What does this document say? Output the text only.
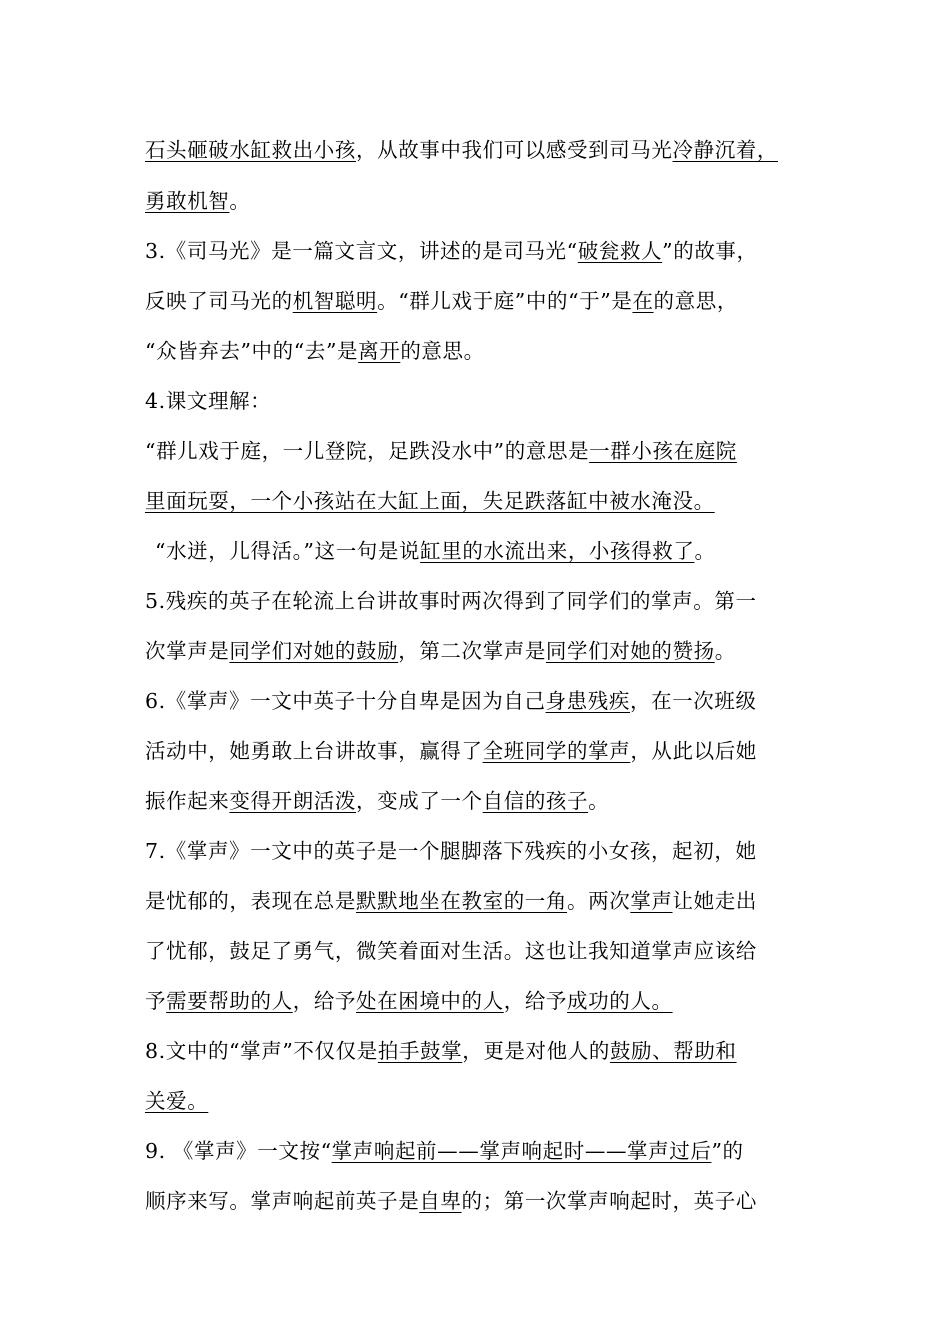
石头砸破水缸救出小孩，从故事中我们可以感受到司马光冷静沉着，
勇敢机智。
3.《司马光》是一篇文言文，讲述的是司马光“破瓮救人”的故事，
反映了司马光的机智聪明。“群儿戏于庭”中的“于”是在的意思，
“众皆弃去”中的“去”是离开的意思。
4.课文理解：
“群儿戏于庭，一儿登院，足跌没水中”的意思是一群小孩在庭院
里面玩耍，一个小孩站在大缸上面，失足跌落缸中被水淹没。
“水迸，儿得活。”这一句是说缸里的水流出来，小孩得救了。
5.残疾的英子在轮流上台讲故事时两次得到了同学们的掌声。第一
次掌声是同学们对她的鼓励，第二次掌声是同学们对她的赞扬。
6.《掌声》一文中英子十分自卑是因为自己身患残疾，在一次班级
活动中，她勇敢上台讲故事，赢得了全班同学的掌声，从此以后她
振作起来变得开朗活泼，变成了一个自信的孩子。
7.《掌声》一文中的英子是一个腿脚落下残疾的小女孩，起初，她
是忧郁的，表现在总是默默地坐在教室的一角。两次掌声让她走出
了忧郁，鼓足了勇气，微笑着面对生活。这也让我知道掌声应该给
予需要帮助的人，给予处在困境中的人，给予成功的人。
8.文中的“掌声”不仅仅是拍手鼓掌，更是对他人的鼓励、帮助和
关爱。
9. 《掌声》一文按“掌声响起前——掌声响起时——掌声过后”的
顺序来写。掌声响起前英子是自卑的；第一次掌声响起时，英子心
